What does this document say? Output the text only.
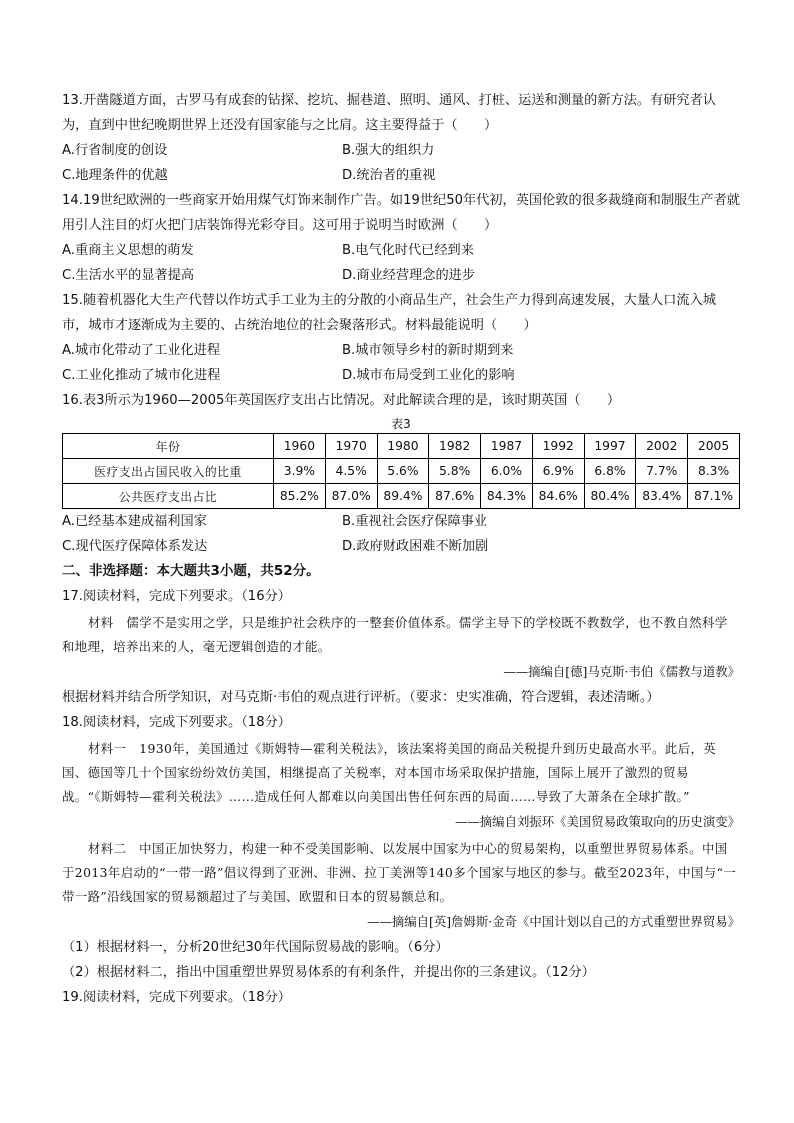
13.开凿隧道方面，古罗马有成套的钻探、挖坑、掘巷道、照明、通风、打桩、运送和测量的新方法。有研究者认为，直到中世纪晚期世界上还没有国家能与之比肩。这主要得益于（　　）

A.行省制度的创设	B.强大的组织力
C.地理条件的优越	D.统治者的重视

14.19世纪欧洲的一些商家开始用煤气灯饰来制作广告。如19世纪50年代初，英国伦敦的很多裁缝商和制服生产者就用引人注目的灯火把门店装饰得光彩夺目。这可用于说明当时欧洲（　　）

A.重商主义思想的萌发	B.电气化时代已经到来
C.生活水平的显著提高	D.商业经营理念的进步

15.随着机器化大生产代替以作坊式手工业为主的分散的小商品生产，社会生产力得到高速发展，大量人口流入城市，城市才逐渐成为主要的、占统治地位的社会聚落形式。材料最能说明（　　）

A.城市化带动了工业化进程	B.城市领导乡村的新时期到来
C.工业化推动了城市化进程	D.城市布局受到工业化的影响

16.表3所示为1960—2005年英国医疗支出占比情况。对此解读合理的是，该时期英国（　　）

表3
年份	1960	1970	1980	1982	1987	1992	1997	2002	2005
医疗支出占国民收入的比重	3.9%	4.5%	5.6%	5.8%	6.0%	6.9%	6.8%	7.7%	8.3%
公共医疗支出占比	85.2%	87.0%	89.4%	87.6%	84.3%	84.6%	80.4%	83.4%	87.1%
A.已经基本建成福利国家	B.重视社会医疗保障事业
C.现代医疗保障体系发达	D.政府财政困难不断加剧
二、非选择题：本大题共3小题，共52分。

17.阅读材料，完成下列要求。（16分）

材料　儒学不是实用之学，只是维护社会秩序的一整套价值体系。儒学主导下的学校既不教数学，也不教自然科学和地理，培养出来的人，毫无逻辑创造的才能。

——摘编自[德]马克斯·韦伯《儒教与道教》

根据材料并结合所学知识，对马克斯·韦伯的观点进行评析。（要求：史实准确，符合逻辑，表述清晰。）

18.阅读材料，完成下列要求。（18分）

材料一　1930年，美国通过《斯姆特—霍利关税法》，该法案将美国的商品关税提升到历史最高水平。此后，英国、德国等几十个国家纷纷效仿美国，相继提高了关税率，对本国市场采取保护措施，国际上展开了激烈的贸易战。“《斯姆特—霍利关税法》……造成任何人都难以向美国出售任何东西的局面……导致了大萧条在全球扩散。”

——摘编自刘振环《美国贸易政策取向的历史演变》

材料二　中国正加快努力，构建一种不受美国影响、以发展中国家为中心的贸易架构，以重塑世界贸易体系。中国于2013年启动的“一带一路”倡议得到了亚洲、非洲、拉丁美洲等140多个国家与地区的参与。截至2023年，中国与“一带一路”沿线国家的贸易额超过了与美国、欧盟和日本的贸易额总和。

——摘编自[英]詹姆斯·金奇《中国计划以自己的方式重塑世界贸易》

（1）根据材料一，分析20世纪30年代国际贸易战的影响。（6分）

（2）根据材料二，指出中国重塑世界贸易体系的有利条件，并提出你的三条建议。（12分）

19.阅读材料，完成下列要求。（18分）
